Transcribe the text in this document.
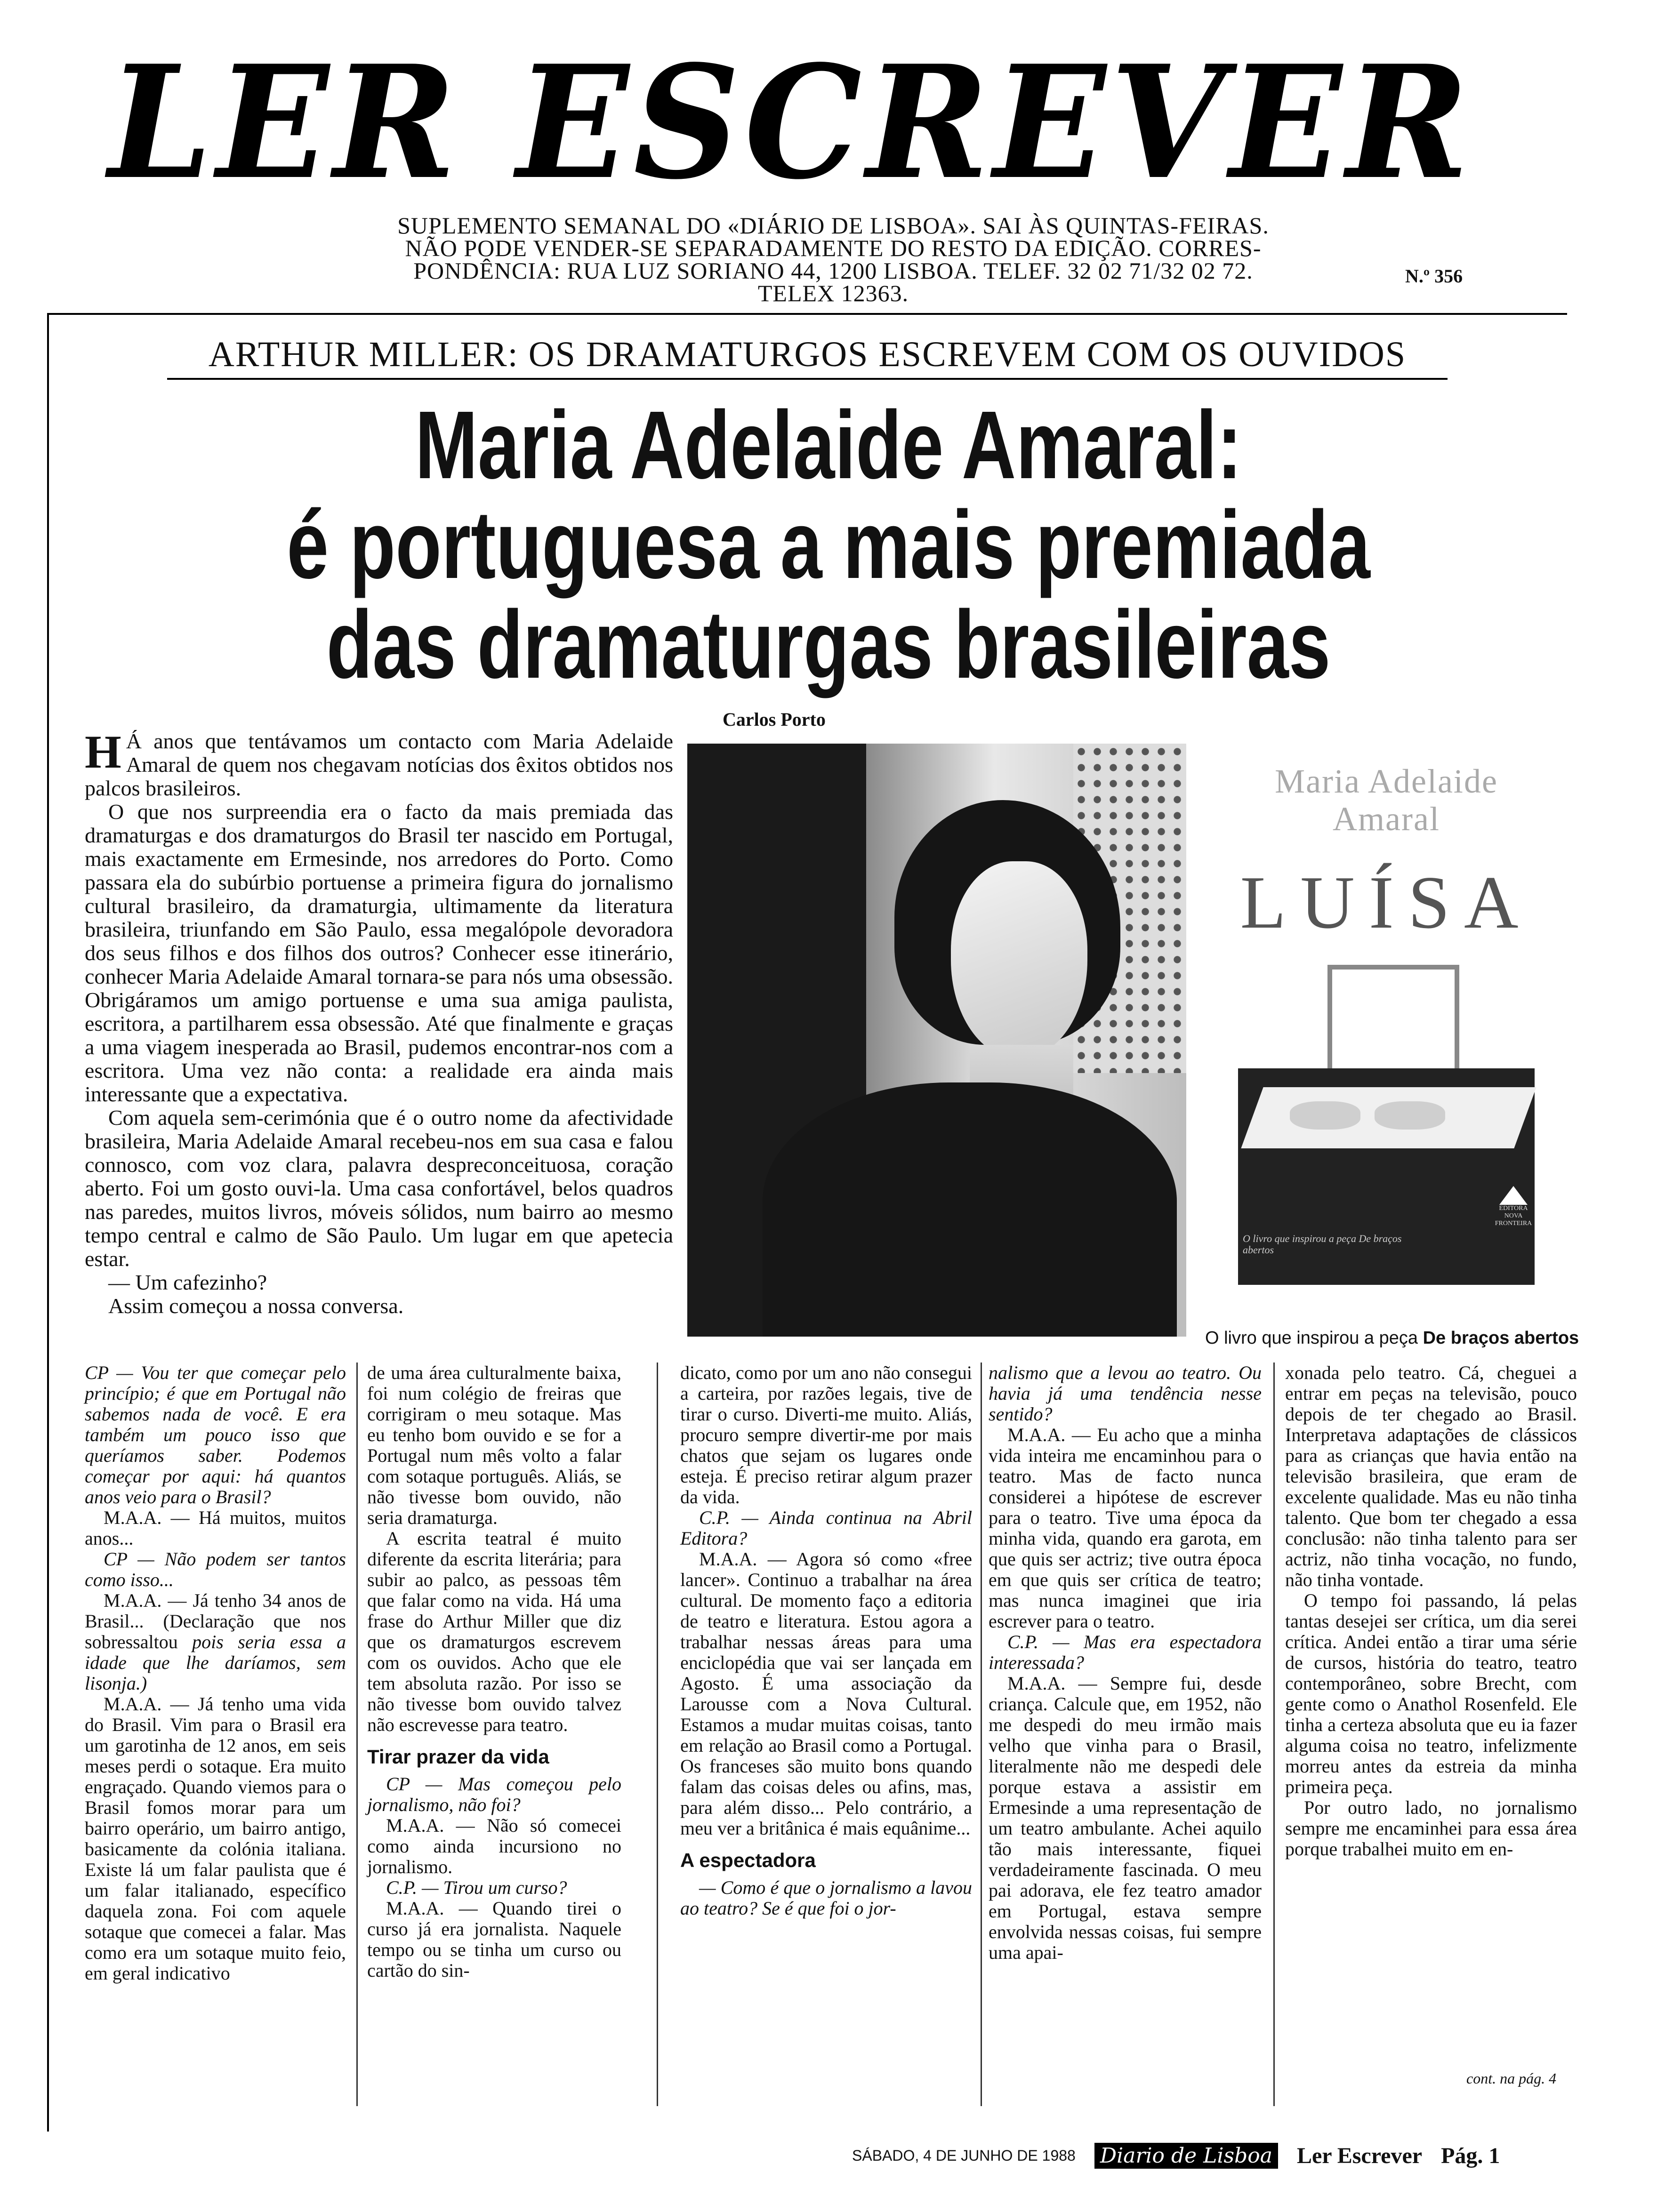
LER ESCREVER
SUPLEMENTO SEMANAL DO «DIÁRIO DE LISBOA». SAI ÀS QUINTAS-FEIRAS.
NÃO PODE VENDER-SE SEPARADAMENTE DO RESTO DA EDIÇÃO. CORRES-
PONDÊNCIA: RUA LUZ SORIANO 44, 1200 LISBOA. TELEF. 32 02 71/32 02 72.
TELEX 12363.
N.º 356
ARTHUR MILLER: OS DRAMATURGOS ESCREVEM COM OS OUVIDOS
Maria Adelaide Amaral:
é portuguesa a mais premiada
das dramaturgas brasileiras
Carlos Porto

H Á anos que tentávamos um contacto com Maria Adelaide Amaral de quem nos chegavam notícias dos êxitos obtidos nos palcos brasileiros.

O que nos surpreendia era o facto da mais premiada das dramaturgas e dos dramaturgos do Brasil ter nascido em Portugal, mais exactamente em Ermesinde, nos arredores do Porto. Como passara ela do subúrbio portuense a primeira figura do jornalismo cultural brasileiro, da dramaturgia, ultimamente da literatura brasileira, triunfando em São Paulo, essa megalópole devoradora dos seus filhos e dos filhos dos outros? Conhecer esse itinerário, conhecer Maria Adelaide Amaral tornara-se para nós uma obsessão. Obrigáramos um amigo portuense e uma sua amiga paulista, escritora, a partilharem essa obsessão. Até que finalmente e graças a uma viagem inesperada ao Brasil, pudemos encontrar-nos com a escritora. Uma vez não conta: a realidade era ainda mais interessante que a expectativa.

Com aquela sem-cerimónia que é o outro nome da afectividade brasileira, Maria Adelaide Amaral recebeu-nos em sua casa e falou connosco, com voz clara, palavra despreconceituosa, coração aberto. Foi um gosto ouvi-la. Uma casa confortável, belos quadros nas paredes, muitos livros, móveis sólidos, num bairro ao mesmo tempo central e calmo de São Paulo. Um lugar em que apetecia estar.

— Um cafezinho?

Assim começou a nossa conversa.

Maria Adelaide Amaral
LUÍSA
O livro que inspirou a peça De braços abertos
EDITORA NOVA FRONTEIRA
O livro que inspirou a peça De braços abertos

CP — Vou ter que começar pelo princípio; é que em Portugal não sabemos nada de você. E era também um pouco isso que queríamos saber. Podemos começar por aqui: há quantos anos veio para o Brasil?

M.A.A. — Há muitos, muitos anos...

CP — Não podem ser tantos como isso...

M.A.A. — Já tenho 34 anos de Brasil... (Declaração que nos sobressaltou pois seria essa a idade que lhe daríamos, sem lisonja.)

M.A.A. — Já tenho uma vida do Brasil. Vim para o Brasil era um garotinha de 12 anos, em seis meses perdi o sotaque. Era muito engraçado. Quando viemos para o Brasil fomos morar para um bairro operário, um bairro antigo, basicamente da colónia italiana. Existe lá um falar paulista que é um falar italianado, específico daquela zona. Foi com aquele sotaque que comecei a falar. Mas como era um sotaque muito feio, em geral indicativo

de uma área culturalmente baixa, foi num colégio de freiras que corrigiram o meu sotaque. Mas eu tenho bom ouvido e se for a Portugal num mês volto a falar com sotaque português. Aliás, se não tivesse bom ouvido, não seria dramaturga.

A escrita teatral é muito diferente da escrita literária; para subir ao palco, as pessoas têm que falar como na vida. Há uma frase do Arthur Miller que diz que os dramaturgos escrevem com os ouvidos. Acho que ele tem absoluta razão. Por isso se não tivesse bom ouvido talvez não escrevesse para teatro.

Tirar prazer da vida

CP — Mas começou pelo jornalismo, não foi?

M.A.A. — Não só comecei como ainda incursiono no jornalismo.

C.P. — Tirou um curso?

M.A.A. — Quando tirei o curso já era jornalista. Naquele tempo ou se tinha um curso ou cartão do sin-

dicato, como por um ano não consegui a carteira, por razões legais, tive de tirar o curso. Diverti-me muito. Aliás, procuro sempre divertir-me por mais chatos que sejam os lugares onde esteja. É preciso retirar algum prazer da vida.

C.P. — Ainda continua na Abril Editora?

M.A.A. — Agora só como «free lancer». Continuo a trabalhar na área cultural. De momento faço a editoria de teatro e literatura. Estou agora a trabalhar nessas áreas para uma enciclopédia que vai ser lançada em Agosto. É uma associação da Larousse com a Nova Cultural. Estamos a mudar muitas coisas, tanto em relação ao Brasil como a Portugal. Os franceses são muito bons quando falam das coisas deles ou afins, mas, para além disso... Pelo contrário, a meu ver a britânica é mais equânime...

A espectadora

— Como é que o jornalismo a lavou ao teatro? Se é que foi o jor-

nalismo que a levou ao teatro. Ou havia já uma tendência nesse sentido?

M.A.A. — Eu acho que a minha vida inteira me encaminhou para o teatro. Mas de facto nunca considerei a hipótese de escrever para o teatro. Tive uma época da minha vida, quando era garota, em que quis ser actriz; tive outra época em que quis ser crítica de teatro; mas nunca imaginei que iria escrever para o teatro.

C.P. — Mas era espectadora interessada?

M.A.A. — Sempre fui, desde criança. Calcule que, em 1952, não me despedi do meu irmão mais velho que vinha para o Brasil, literalmente não me despedi dele porque estava a assistir em Ermesinde a uma representação de um teatro ambulante. Achei aquilo tão mais interessante, fiquei verdadeiramente fascinada. O meu pai adorava, ele fez teatro amador em Portugal, estava sempre envolvida nessas coisas, fui sempre uma apai-

xonada pelo teatro. Cá, cheguei a entrar em peças na televisão, pouco depois de ter chegado ao Brasil. Interpretava adaptações de clássicos para as crianças que havia então na televisão brasileira, que eram de excelente qualidade. Mas eu não tinha talento. Que bom ter chegado a essa conclusão: não tinha talento para ser actriz, não tinha vocação, no fundo, não tinha vontade.

O tempo foi passando, lá pelas tantas desejei ser crítica, um dia serei crítica. Andei então a tirar uma série de cursos, história do teatro, teatro contemporâneo, sobre Brecht, com gente como o Anathol Rosenfeld. Ele tinha a certeza absoluta que eu ia fazer alguma coisa no teatro, infelizmente morreu antes da estreia da minha primeira peça.

Por outro lado, no jornalismo sempre me encaminhei para essa área porque trabalhei muito em en-

cont. na pág. 4
SÁBADO, 4 DE JUNHO DE 1988 Diario de Lisboa Ler Escrever Pág. 1
